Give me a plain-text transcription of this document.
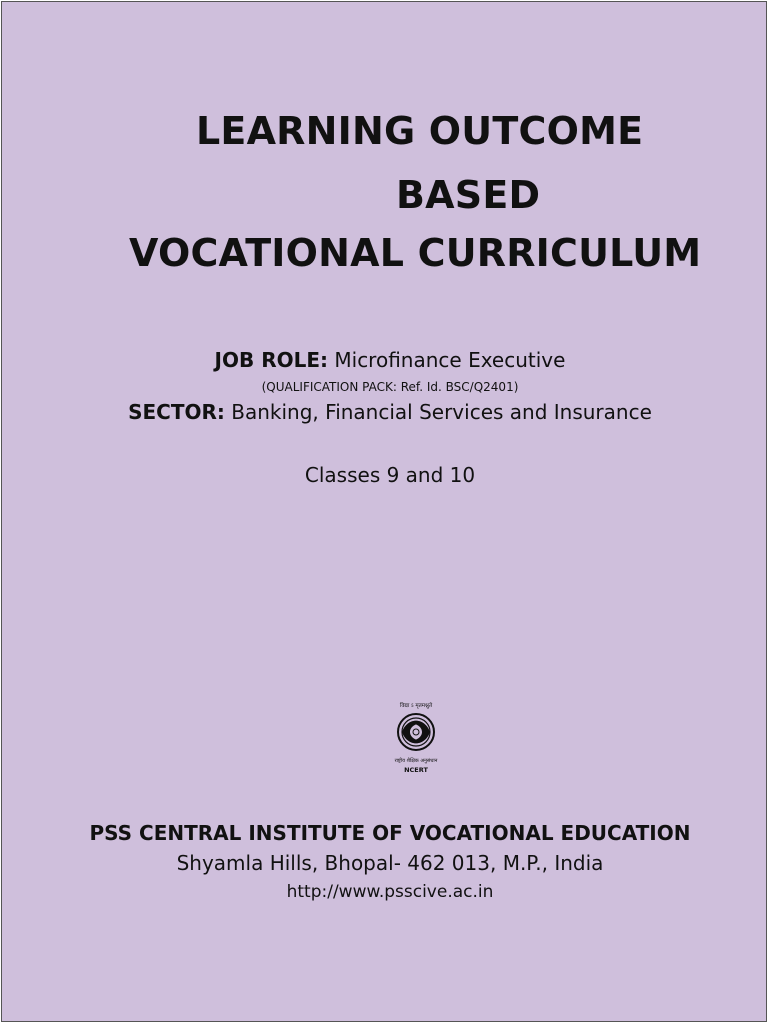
LEARNING OUTCOME
BASED
VOCATIONAL CURRICULUM
JOB ROLE: Microfinance Executive
(QUALIFICATION PACK: Ref. Id. BSC/Q2401)
SECTOR: Banking, Financial Services and Insurance
Classes 9 and 10
विद्या ऽ मृतमश्नुते
राष्ट्रीय शैक्षिक अनुसंधान
NCERT
PSS CENTRAL INSTITUTE OF VOCATIONAL EDUCATION
Shyamla Hills, Bhopal- 462 013, M.P., India
http://www.psscive.ac.in
